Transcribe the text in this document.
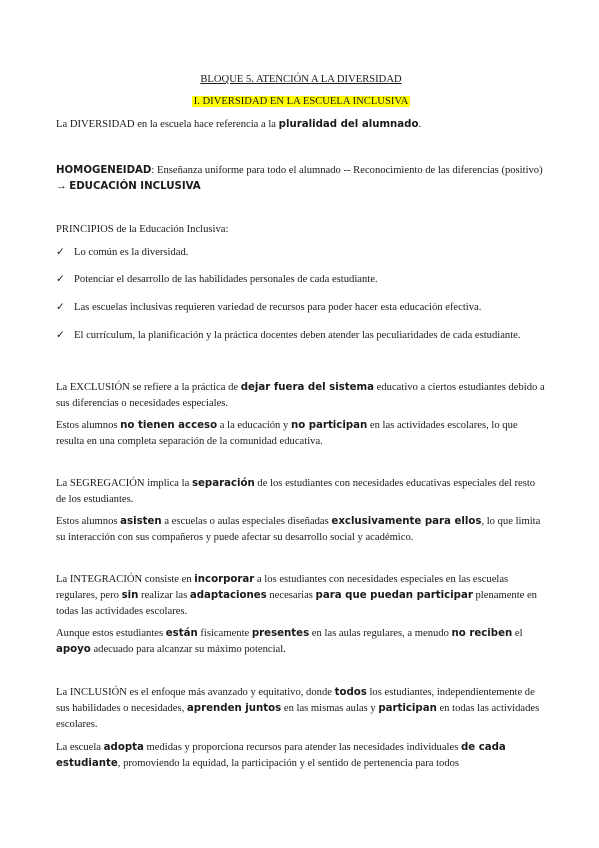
BLOQUE 5. ATENCIÓN A LA DIVERSIDAD
I. DIVERSIDAD EN LA ESCUELA INCLUSIVA
La DIVERSIDAD en la escuela hace referencia a la pluralidad del alumnado.
HOMOGENEIDAD: Enseñanza uniforme para todo el alumnado -- Reconocimiento de las diferencias (positivo) → EDUCACIÓN INCLUSIVA
PRINCIPIOS de la Educación Inclusiva:
✓ Lo común es la diversidad.
✓ Potenciar el desarrollo de las habilidades personales de cada estudiante.
✓ Las escuelas inclusivas requieren variedad de recursos para poder hacer esta educación efectiva.
✓ El currículum, la planificación y la práctica docentes deben atender las peculiaridades de cada estudiante.
La EXCLUSIÓN se refiere a la práctica de dejar fuera del sistema educativo a ciertos estudiantes debido a sus diferencias o necesidades especiales.
Estos alumnos no tienen acceso a la educación y no participan en las actividades escolares, lo que resulta en una completa separación de la comunidad educativa.
La SEGREGACIÓN implica la separación de los estudiantes con necesidades educativas especiales del resto de los estudiantes.
Estos alumnos asisten a escuelas o aulas especiales diseñadas exclusivamente para ellos, lo que limita su interacción con sus compañeros y puede afectar su desarrollo social y académico.
La INTEGRACIÓN consiste en incorporar a los estudiantes con necesidades especiales en las escuelas regulares, pero sin realizar las adaptaciones necesarias para que puedan participar plenamente en todas las actividades escolares.
Aunque estos estudiantes están físicamente presentes en las aulas regulares, a menudo no reciben el apoyo adecuado para alcanzar su máximo potencial.
La INCLUSIÓN es el enfoque más avanzado y equitativo, donde todos los estudiantes, independientemente de sus habilidades o necesidades, aprenden juntos en las mismas aulas y participan en todas las actividades escolares.
La escuela adopta medidas y proporciona recursos para atender las necesidades individuales de cada estudiante, promoviendo la equidad, la participación y el sentido de pertenencia para todos
